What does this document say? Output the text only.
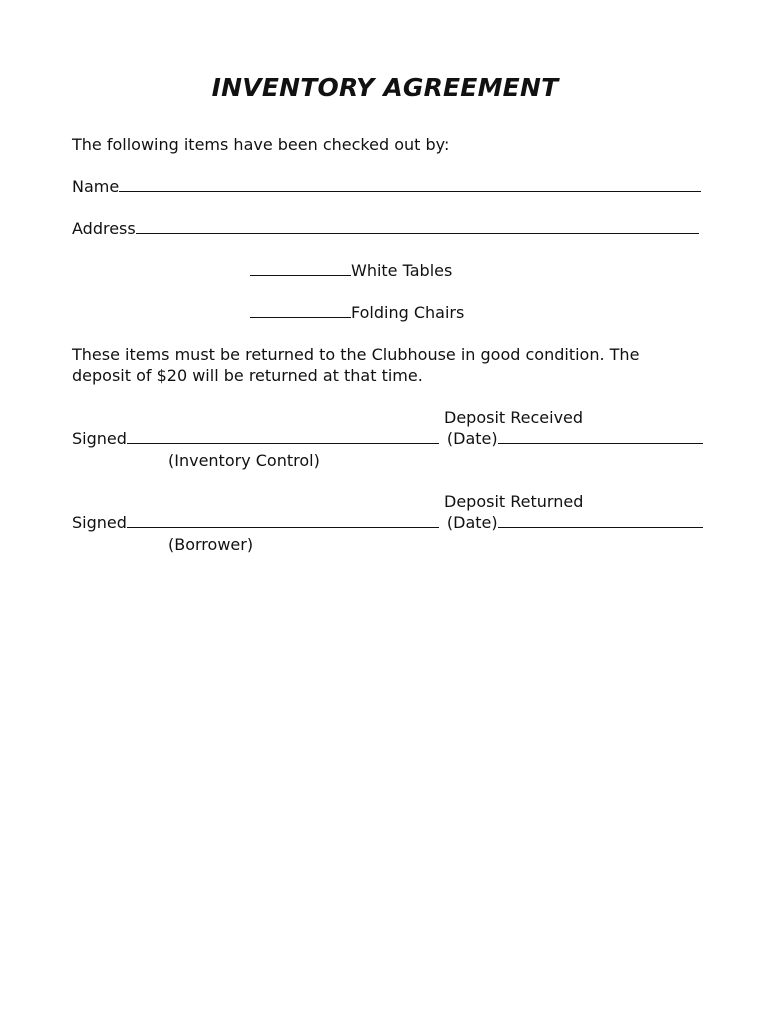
INVENTORY AGREEMENT
The following items have been checked out by:
Name
Address
White Tables
Folding Chairs
These items must be returned to the Clubhouse in good condition. The
deposit of $20 will be returned at that time.
Deposit Received
Signed	(Date)
(Inventory Control)
Deposit Returned
Signed	(Date)
(Borrower)
